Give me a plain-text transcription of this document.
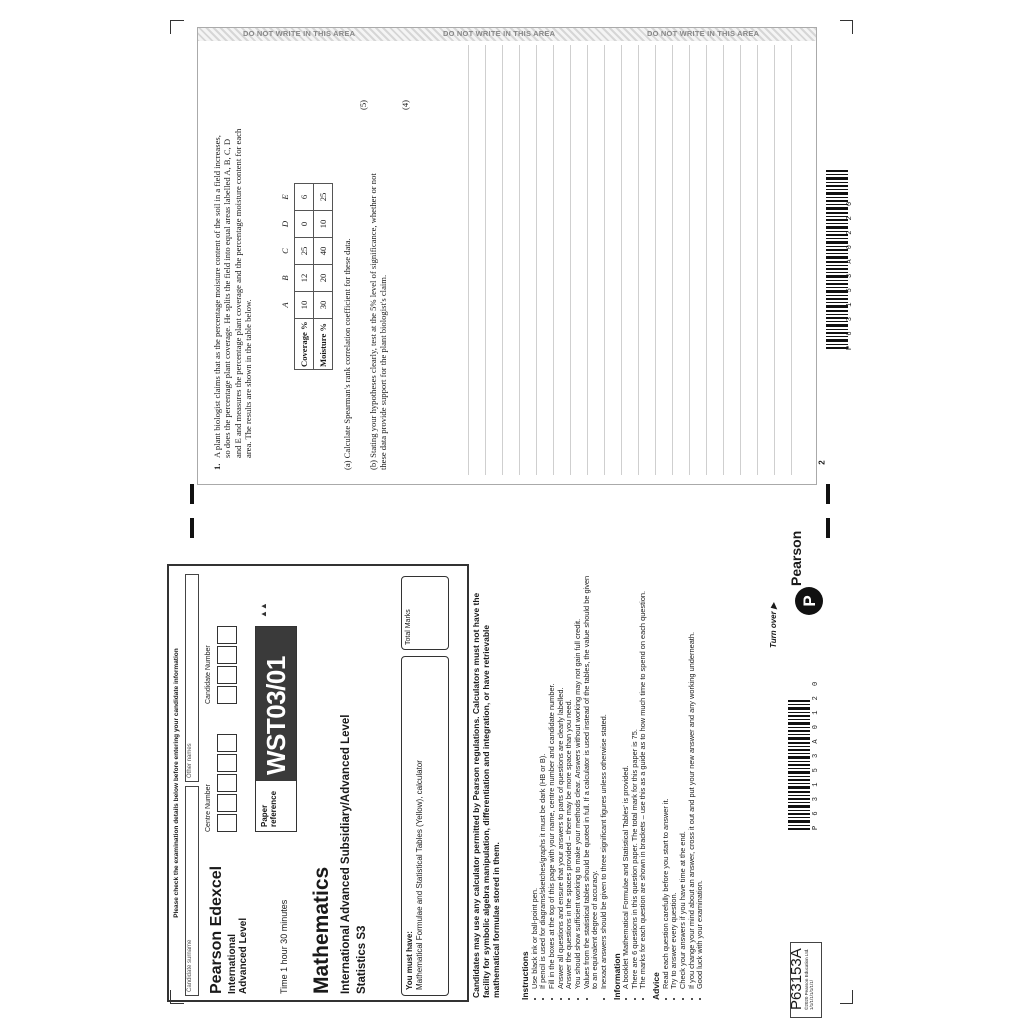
DO NOT WRITE IN THIS AREA	DO NOT WRITE IN THIS AREA	DO NOT WRITE IN THIS AREA
1.
A plant biologist claims that as the percentage moisture content of the soil in a field increases, so does the percentage plant coverage. He splits the field into equal areas labelled A, B, C, D and E and measures the percentage plant coverage and the percentage moisture content for each area. The results are shown in the table below.
		A	B	C	D	E
Coverage %	10	12	25	0	6
Moisture %	30	20	40	10	25
(a) Calculate Spearman's rank correlation coefficient for these data.
(5)
(b) Stating your hypotheses clearly, test at the 5% level of significance, whether or not these data provide support for the plant biologist's claim.
(4)
2
P 6 3 1 5 3 A 0 2 2 0
Please check the examination details below before entering your candidate information
Candidate surname
Other names
Pearson Edexcel International Advanced Level
Centre Number
Candidate Number
Time 1 hour 30 minutes
Paper reference
WST03/01
▲▲
Mathematics International Advanced Subsidiary/Advanced Level Statistics S3	You must have: Mathematical Formulae and Statistical Tables (Yellow), calculator
Total Marks	Candidates may use any calculator permitted by Pearson regulations. Calculators must not have the facility for symbolic algebra manipulation, differentiation and integration, or have retrievable mathematical formulae stored in them. Instructions • Use black ink or ball-point pen. • If pencil is used for diagrams/sketches/graphs it must be dark (HB or B). • Fill in the boxes at the top of this page with your name, centre number and candidate number. • Answer all questions and ensure that your answers to parts of questions are clearly labelled. • Answer the questions in the spaces provided – there may be more space than you need. • You should show sufficient working to make your methods clear. Answers without working may not gain full credit. • Values from the statistical tables should be quoted in full. If a calculator is used instead of the tables, the value should be given to an equivalent degree of accuracy. • Inexact answers should be given to three significant figures unless otherwise stated. Information • A booklet 'Mathematical Formulae and Statistical Tables' is provided. • There are 6 questions in this question paper. The total mark for this paper is 75. • The marks for each question are shown in brackets – use this as a guide as to how much time to spend on each question. Advice • Read each question carefully before you start to answer it. • Try to answer every question. • Check your answers if you have time at the end. • If you change your mind about an answer, cross it out and put your new answer and any working underneath. • Good luck with your examination.
Turn over ▶ P
Pearson
P 6 3 1 5 3 A 0 1 2 0
P63153A ©2020 Pearson Education Ltd. 1/1/1/1/1/1/1/1/
